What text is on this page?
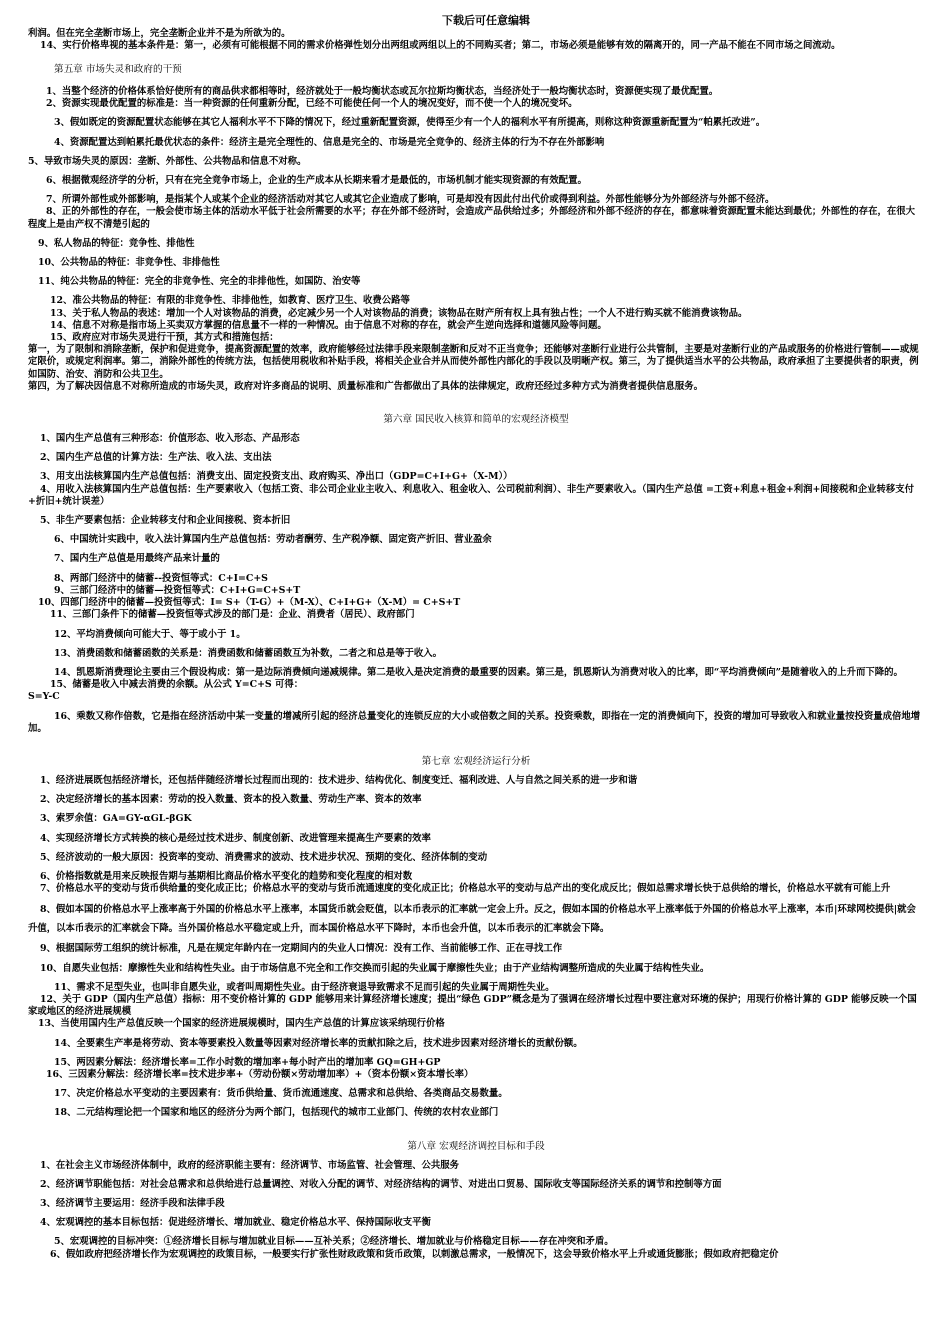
下载后可任意编辑

利润。但在完全垄断市场上，完全垄断企业并不是为所欲为的。

14、实行价格卑视的基本条件是：第一，必须有可能根据不同的需求价格弹性划分出两组或两组以上的不同购买者；第二，市场必须是能够有效的隔离开的，同一产品不能在不同市场之间流动。

第五章 市场失灵和政府的干预

1、当整个经济的价格体系恰好使所有的商品供求都相等时，经济就处于一般均衡状态或瓦尔拉斯均衡状态，当经济处于一般均衡状态时，资源便实现了最优配置。

2、资源实现最优配置的标准是：当一种资源的任何重新分配，已经不可能使任何一个人的境况变好，而不使一个人的境况变坏。

3、假如既定的资源配置状态能够在其它人福利水平不下降的情况下，经过重新配置资源，使得至少有一个人的福利水平有所提高，则称这种资源重新配置为“帕累托改进”。

4、资源配置达到帕累托最优状态的条件：经济主是完全理性的、信息是完全的、市场是完全竞争的、经济主体的行为不存在外部影响

5、导致市场失灵的原因：垄断、外部性、公共物品和信息不对称。

6、根据微观经济学的分析，只有在完全竞争市场上，企业的生产成本从长期来看才是最低的，市场机制才能实现资源的有效配置。

7、所谓外部性或外部影响，是指某个人或某个企业的经济活动对其它人或其它企业造成了影响，可是却没有因此付出代价或得到利益。外部性能够分为外部经济与外部不经济。

8、正的外部性的存在，一般会使市场主体的活动水平低于社会所需要的水平；存在外部不经济时，会造成产品供给过多；外部经济和外部不经济的存在，都意味着资源配置未能达到最优；外部性的存在，在很大程度上是由产权不清楚引起的

9、私人物品的特征：竞争性、排他性

10、公共物品的特征：非竞争性、非排他性

11、纯公共物品的特征：完全的非竞争性、完全的非排他性，如国防、治安等

12、准公共物品的特征：有限的非竞争性、非排他性，如教育、医疗卫生、收费公路等

13、关于私人物品的表述：增加一个人对该物品的消费，必定减少另一个人对该物品的消费；该物品在财产所有权上具有独占性；一个人不进行购买就不能消费该物品。

14、信息不对称是指市场上买卖双方掌握的信息量不一样的一种情况。由于信息不对称的存在，就会产生逆向选择和道德风险等问题。

15、政府应对市场失灵进行干预，其方式和措施包括：

第一，为了限制和消除垄断，保护和促进竞争，提高资源配置的效率，政府能够经过法律手段来限制垄断和反对不正当竞争；还能够对垄断行业进行公共管制，主要是对垄断行业的产品或服务的价格进行管制——或规定限价，或规定利润率。第二，消除外部性的传统方法，包括使用税收和补贴手段，将相关企业合并从而使外部性内部化的手段以及明晰产权。第三，为了提供适当水平的公共物品，政府承担了主要提供者的职责，例如国防、治安、消防和公共卫生。

第四，为了解决因信息不对称所造成的市场失灵，政府对许多商品的说明、质量标准和广告都做出了具体的法律规定，政府还经过多种方式为消费者提供信息服务。

第六章 国民收入核算和简单的宏观经济模型

1、国内生产总值有三种形态：价值形态、收入形态、产品形态

2、国内生产总值的计算方法：生产法、收入法、支出法

3、用支出法核算国内生产总值包括：消费支出、固定投资支出、政府购买、净出口（GDP=C+I+G+（X-M））

4、用收入法核算国内生产总值包括：生产要素收入（包括工资、非公司企业业主收入、利息收入、租金收入、公司税前利润）、非生产要素收入。（国内生产总值 =工资+利息+租金+利润+间接税和企业转移支付+折旧+统计误差）

5、非生产要素包括：企业转移支付和企业间接税、资本折旧

6、中国统计实践中，收入法计算国内生产总值包括：劳动者酬劳、生产税净额、固定资产折旧、营业盈余

7、国内生产总值是用最终产品来计量的

8、两部门经济中的储蓄--投资恒等式：C+I=C+S

9、三部门经济中的储蓄—投资恒等式：C+I+G=C+S+T

10、四部门经济中的储蓄—投资恒等式：I= S+（T-G）+（M-X）、C+I+G+（X-M）= C+S+T

11、三部门条件下的储蓄—投资恒等式涉及的部门是：企业、消费者（居民）、政府部门

12、平均消费倾向可能大于、等于或小于 1。

13、消费函数和储蓄函数的关系是：消费函数和储蓄函数互为补数，二者之和总是等于收入。

14、凯恩斯消费理论主要由三个假设构成：第一是边际消费倾向递减规律。第二是收入是决定消费的最重要的因素。第三是，凯恩斯认为消费对收入的比率，即“平均消费倾向”是随着收入的上升而下降的。

15、储蓄是收入中减去消费的余额。从公式 Y=C+S 可得：

S=Y-C

16、乘数又称作倍数，它是指在经济活动中某一变量的增减所引起的经济总量变化的连锁反应的大小或倍数之间的关系。投资乘数，即指在一定的消费倾向下，投资的增加可导致收入和就业量按投资量成倍地增加。

第七章 宏观经济运行分析

1、经济进展既包括经济增长，还包括伴随经济增长过程而出现的：技术进步、结构优化、制度变迁、福利改进、人与自然之间关系的进一步和谐

2、决定经济增长的基本因素：劳动的投入数量、资本的投入数量、劳动生产率、资本的效率

3、索罗余值：GA=GY-αGL-βGK

4、实现经济增长方式转换的核心是经过技术进步、制度创新、改进管理来提高生产要素的效率

5、经济波动的一般大原因：投资率的变动、消费需求的波动、技术进步状况、预期的变化、经济体制的变动

6、价格指数就是用来反映报告期与基期相比商品价格水平变化的趋势和变化程度的相对数

7、价格总水平的变动与货币供给量的变化成正比；价格总水平的变动与货币流通速度的变化成正比；价格总水平的变动与总产出的变化成反比；假如总需求增长快于总供给的增长，价格总水平就有可能上升

8、假如本国的价格总水平上涨率高于外国的价格总水平上涨率，本国货币就会贬值，以本币表示的汇率就一定会上升。反之，假如本国的价格总水平上涨率低于外国的价格总水平上涨率，本币|环球网校提供|就会升值，以本币表示的汇率就会下降。当外国价格总水平稳定或上升，而本国价格总水平下降时，本币也会升值，以本币表示的汇率就会下降。

9、根据国际劳工组织的统计标准，凡是在规定年龄内在一定期间内的失业人口情况：没有工作、当前能够工作、正在寻找工作

10、自愿失业包括：摩擦性失业和结构性失业。由于市场信息不完全和工作交换而引起的失业属于摩擦性失业；由于产业结构调整所造成的失业属于结构性失业。

11、需求不足型失业，也叫非自愿失业，或者叫周期性失业。由于经济衰退导致需求不足而引起的失业属于周期性失业。

12、关于 GDP（国内生产总值）指标：用不变价格计算的 GDP 能够用来计算经济增长速度；提出“绿色 GDP”概念是为了强调在经济增长过程中要注意对环境的保护；用现行价格计算的 GDP 能够反映一个国家或地区的经济进展规模

13、当使用国内生产总值反映一个国家的经济进展规模时，国内生产总值的计算应该采纳现行价格

14、全要素生产率是将劳动、资本等要素投入数量等因素对经济增长率的贡献扣除之后，技术进步因素对经济增长的贡献份额。

15、两因素分解法：经济增长率=工作小时数的增加率+每小时产出的增加率 GQ=GH+GP

16、三因素分解法：经济增长率=技术进步率+（劳动份额×劳动增加率）+（资本份额×资本增长率）

17、决定价格总水平变动的主要因素有：货币供给量、货币流通速度、总需求和总供给、各类商品交易数量。

18、二元结构理论把一个国家和地区的经济分为两个部门，包括现代的城市工业部门、传统的农村农业部门

第八章 宏观经济调控目标和手段

1、在社会主义市场经济体制中，政府的经济职能主要有：经济调节、市场监管、社会管理、公共服务

2、经济调节职能包括：对社会总需求和总供给进行总量调控、对收入分配的调节、对经济结构的调节、对进出口贸易、国际收支等国际经济关系的调节和控制等方面

3、经济调节主要运用：经济手段和法律手段

4、宏观调控的基本目标包括：促进经济增长、增加就业、稳定价格总水平、保持国际收支平衡

5、宏观调控的目标冲突：①经济增长目标与增加就业目标——互补关系；②经济增长、增加就业与价格稳定目标——存在冲突和矛盾。

6、假如政府把经济增长作为宏观调控的政策目标，一般要实行扩张性财政政策和货币政策，以刺激总需求，一般情况下，这会导致价格水平上升或通货膨胀；假如政府把稳定价
